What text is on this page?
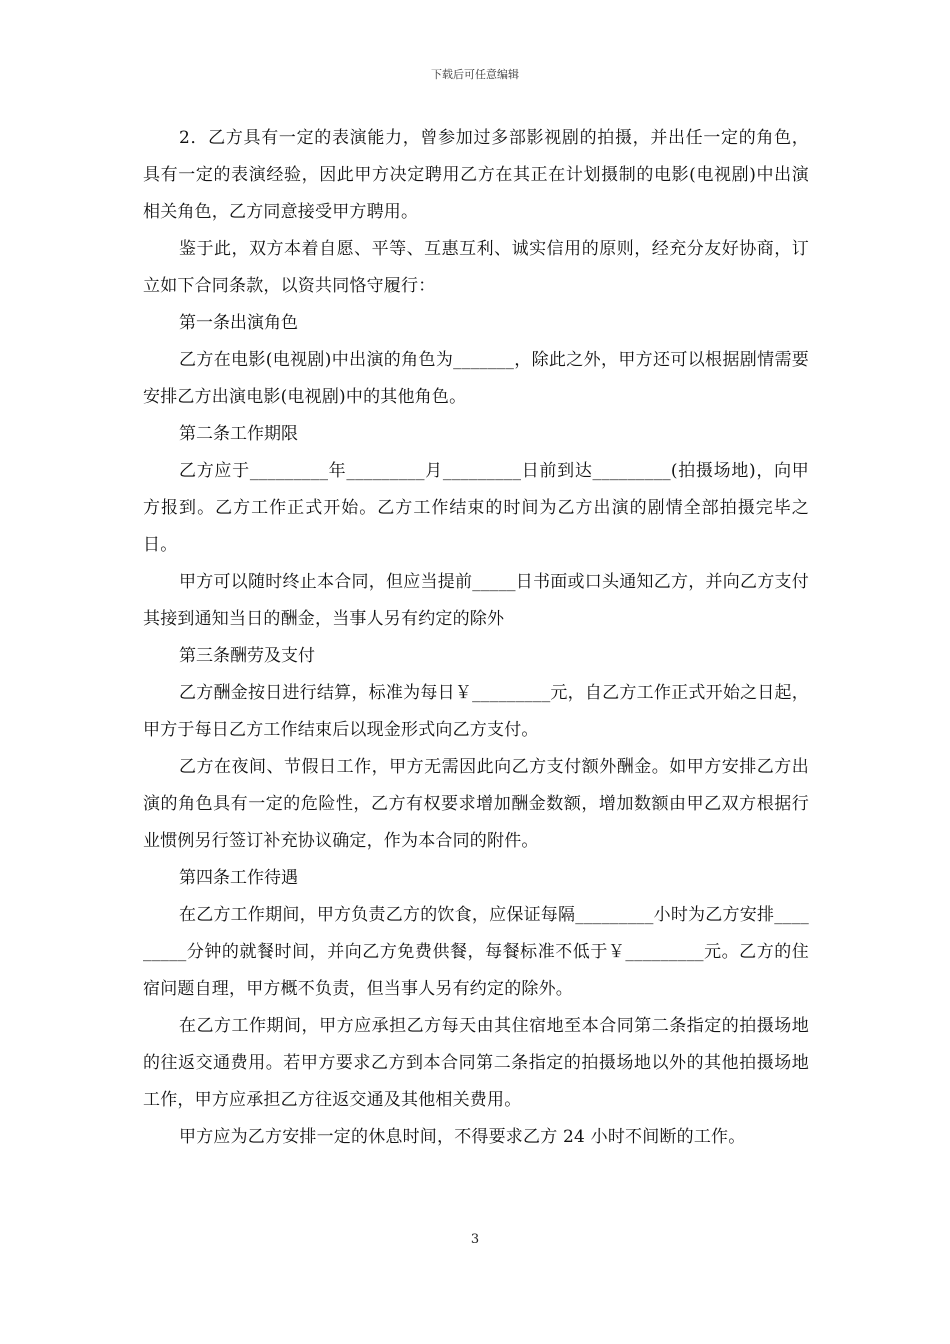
下载后可任意编辑

2．乙方具有一定的表演能力，曾参加过多部影视剧的拍摄，并出任一定的角色，具有一定的表演经验，因此甲方决定聘用乙方在其正在计划摄制的电影(电视剧)中出演相关角色，乙方同意接受甲方聘用。

鉴于此，双方本着自愿、平等、互惠互利、诚实信用的原则，经充分友好协商，订立如下合同条款，以资共同恪守履行：

第一条出演角色

乙方在电影(电视剧)中出演的角色为_______，除此之外，甲方还可以根据剧情需要安排乙方出演电影(电视剧)中的其他角色。

第二条工作期限

乙方应于_________年_________月_________日前到达_________(拍摄场地)，向甲方报到。乙方工作正式开始。乙方工作结束的时间为乙方出演的剧情全部拍摄完毕之日。

甲方可以随时终止本合同，但应当提前_____日书面或口头通知乙方，并向乙方支付其接到通知当日的酬金，当事人另有约定的除外

第三条酬劳及支付

乙方酬金按日进行结算，标准为每日￥_________元，自乙方工作正式开始之日起，甲方于每日乙方工作结束后以现金形式向乙方支付。

乙方在夜间、节假日工作，甲方无需因此向乙方支付额外酬金。如甲方安排乙方出演的角色具有一定的危险性，乙方有权要求增加酬金数额，增加数额由甲乙双方根据行业惯例另行签订补充协议确定，作为本合同的附件。

第四条工作待遇

在乙方工作期间，甲方负责乙方的饮食，应保证每隔_________小时为乙方安排_________分钟的就餐时间，并向乙方免费供餐，每餐标准不低于￥_________元。乙方的住宿问题自理，甲方概不负责，但当事人另有约定的除外。

在乙方工作期间，甲方应承担乙方每天由其住宿地至本合同第二条指定的拍摄场地的往返交通费用。若甲方要求乙方到本合同第二条指定的拍摄场地以外的其他拍摄场地工作，甲方应承担乙方往返交通及其他相关费用。

甲方应为乙方安排一定的休息时间，不得要求乙方 24 小时不间断的工作。

3
